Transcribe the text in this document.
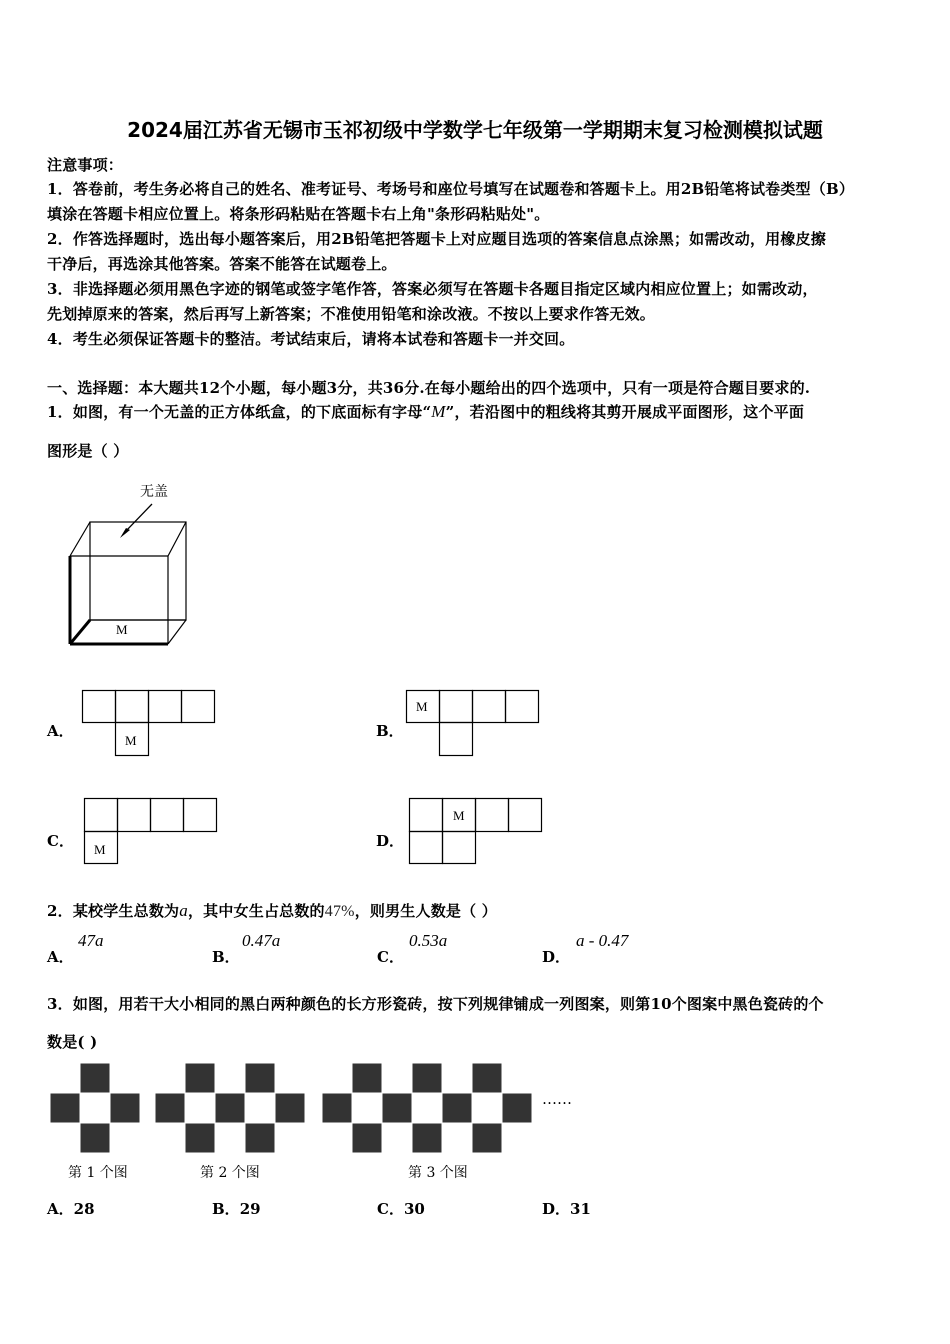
2024届江苏省无锡市玉祁初级中学数学七年级第一学期期末复习检测模拟试题
注意事项：
1．答卷前，考生务必将自己的姓名、准考证号、考场号和座位号填写在试题卷和答题卡上。用2B铅笔将试卷类型（B）
填涂在答题卡相应位置上。将条形码粘贴在答题卡右上角"条形码粘贴处"。
2．作答选择题时，选出每小题答案后，用2B铅笔把答题卡上对应题目选项的答案信息点涂黑；如需改动，用橡皮擦
干净后，再选涂其他答案。答案不能答在试题卷上。
3．非选择题必须用黑色字迹的钢笔或签字笔作答，答案必须写在答题卡各题目指定区域内相应位置上；如需改动，
先划掉原来的答案，然后再写上新答案；不准使用铅笔和涂改液。不按以上要求作答无效。
4．考生必须保证答题卡的整洁。考试结束后，请将本试卷和答题卡一并交回。
一、选择题：本大题共12个小题，每小题3分，共36分.在每小题给出的四个选项中，只有一项是符合题目要求的.
1．如图，有一个无盖的正方体纸盒，的下底面标有字母“M”，若沿图中的粗线将其剪开展成平面图形，这个平面
图形是（ ）
无盖
M
A．
M
B．
M
C． M	D．
M
2．某校学生总数为a，其中女生占总数的47%，则男生人数是（ ）
A．
47a
B．
0.47a
C．
0.53a
D．
a - 0.47
3．如图，用若干大小相同的黑白两种颜色的长方形瓷砖，按下列规律铺成一列图案，则第10个图案中黑色瓷砖的个
数是( )
……
第 1 个图	第 2 个图	第 3 个图
A．28	B．29	C．30	D．31
